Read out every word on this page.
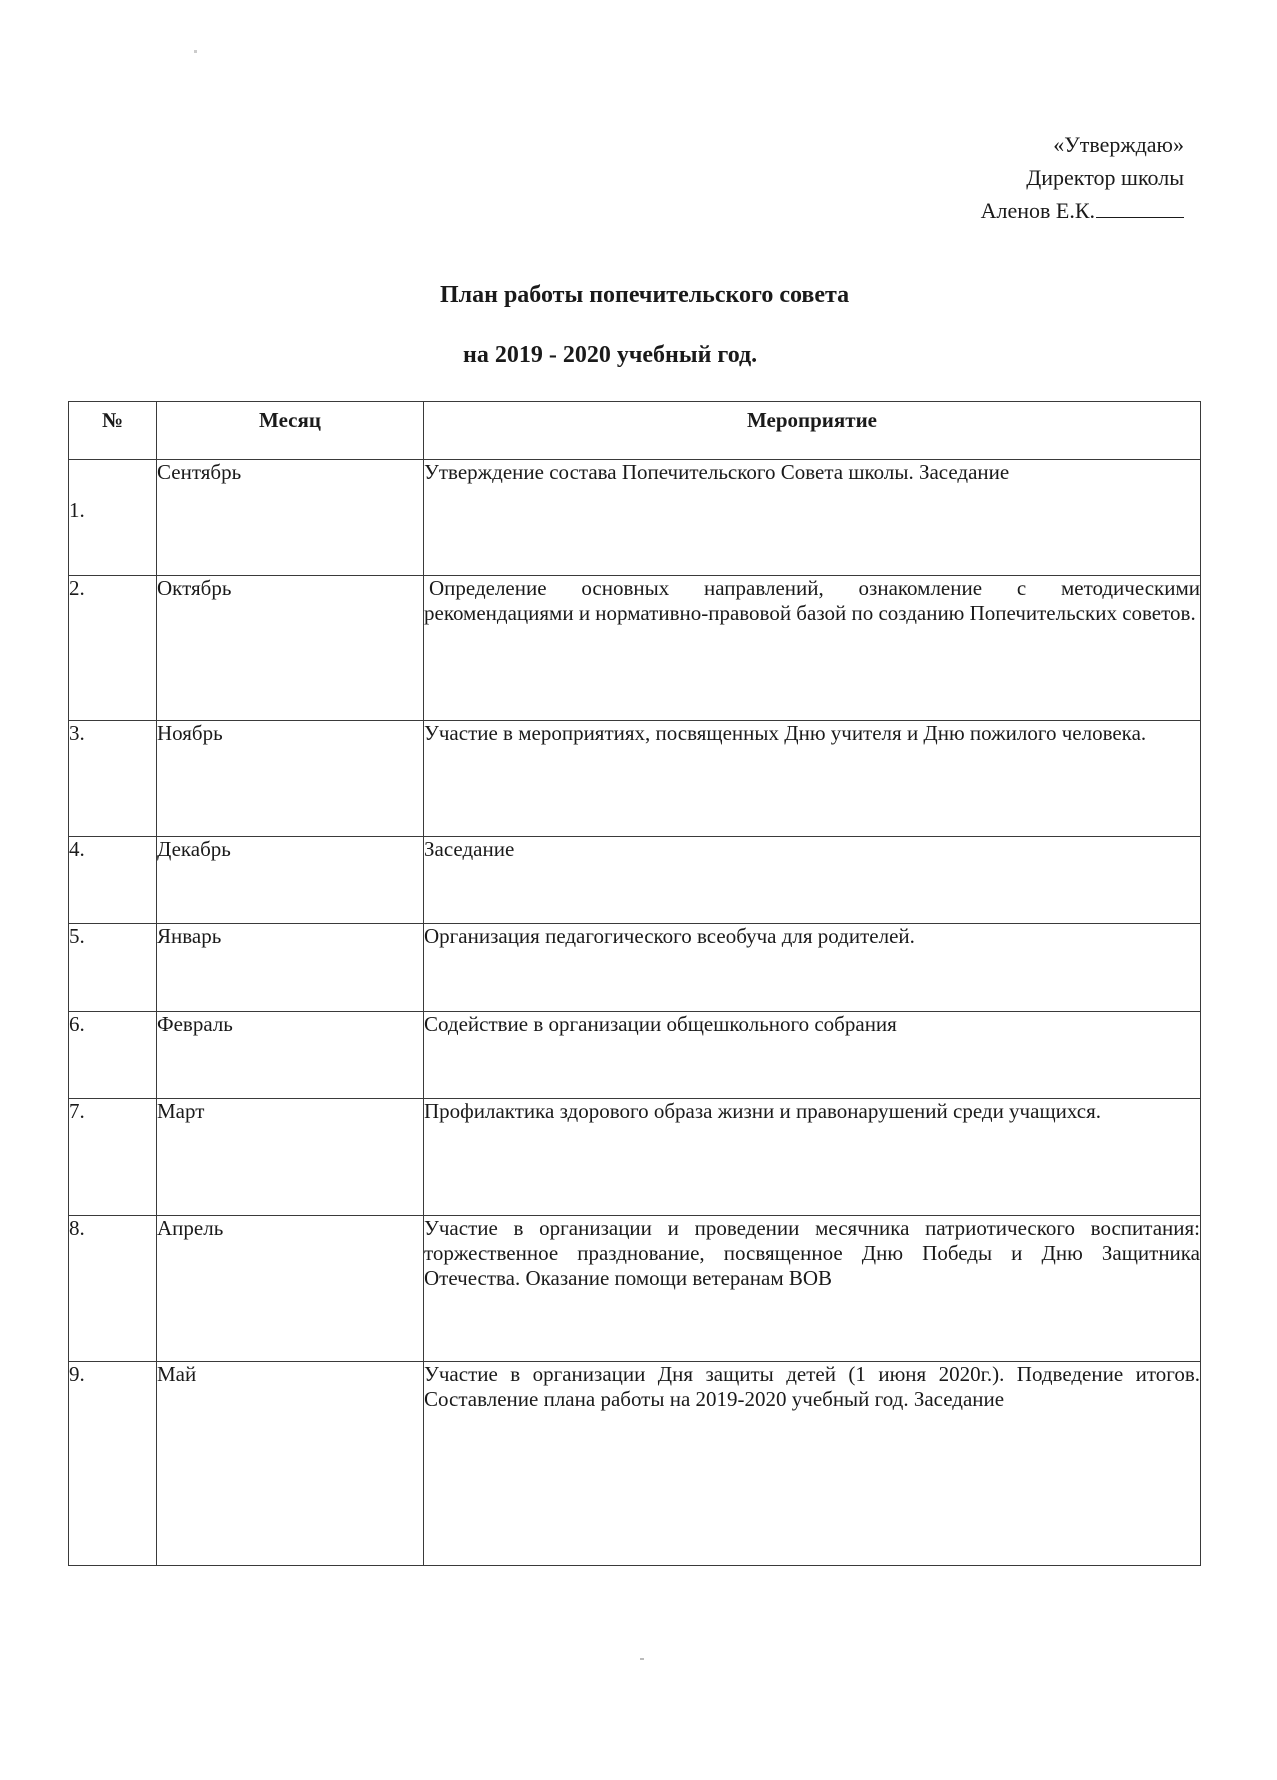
«Утверждаю»
Директор школы
Аленов Е.К.
План работы попечительского совета
на 2019 - 2020 учебный год.
№	Месяц	Мероприятие
1.	Сентябрь	Утверждение состава Попечительского Совета школы. Заседание
2.	Октябрь	Определение основных направлений, ознакомление с методическими рекомендациями и нормативно-правовой базой по созданию Попечительских советов.
3.	Ноябрь	Участие в мероприятиях, посвященных Дню учителя и Дню пожилого человека.
4.	Декабрь	Заседание
5.	Январь	Организация педагогического всеобуча для родителей.
6.	Февраль	Содействие в организации общешкольного собрания
7.	Март	Профилактика здорового образа жизни и правонарушений среди учащихся.
8.	Апрель	Участие в организации и проведении месячника патриотического воспитания: торжественное празднование, посвященное Дню Победы и Дню Защитника Отечества. Оказание помощи ветеранам ВОВ
9.	Май	Участие в организации Дня защиты детей (1 июня 2020г.). Подведение итогов. Составление плана работы на 2019-2020 учебный год. Заседание
